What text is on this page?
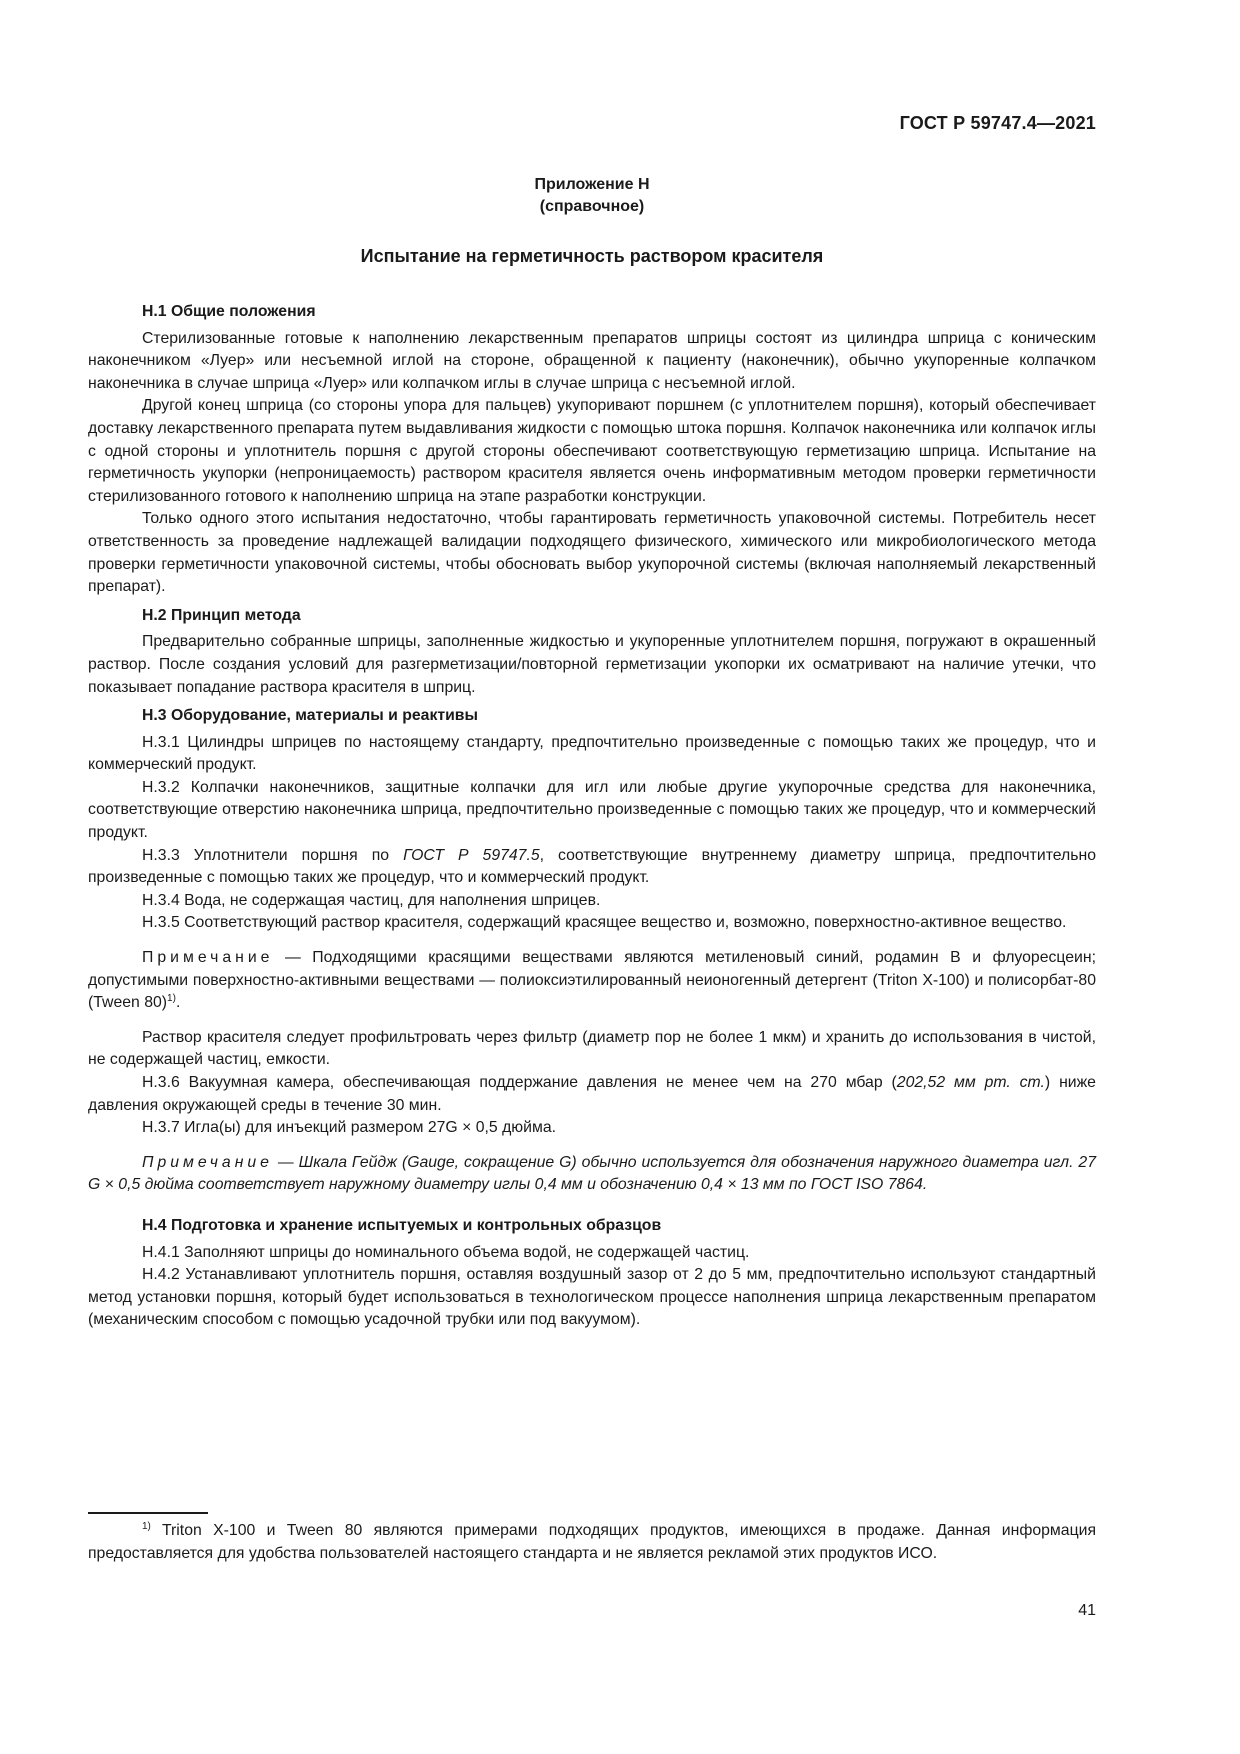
ГОСТ Р 59747.4—2021
Приложение Н
(справочное)
Испытание на герметичность раствором красителя
Н.1 Общие положения

Стерилизованные готовые к наполнению лекарственным препаратов шприцы состоят из цилиндра шприца с коническим наконечником «Луер» или несъемной иглой на стороне, обращенной к пациенту (наконечник), обычно укупоренные колпачком наконечника в случае шприца «Луер» или колпачком иглы в случае шприца с несъемной иглой.

Другой конец шприца (со стороны упора для пальцев) укупоривают поршнем (с уплотнителем поршня), который обеспечивает доставку лекарственного препарата путем выдавливания жидкости с помощью штока поршня. Колпачок наконечника или колпачок иглы с одной стороны и уплотнитель поршня с другой стороны обеспечивают соответствующую герметизацию шприца. Испытание на герметичность укупорки (непроницаемость) раствором красителя является очень информативным методом проверки герметичности стерилизованного готового к наполнению шприца на этапе разработки конструкции.

Только одного этого испытания недостаточно, чтобы гарантировать герметичность упаковочной системы. Потребитель несет ответственность за проведение надлежащей валидации подходящего физического, химического или микробиологического метода проверки герметичности упаковочной системы, чтобы обосновать выбор укупорочной системы (включая наполняемый лекарственный препарат).

Н.2 Принцип метода

Предварительно собранные шприцы, заполненные жидкостью и укупоренные уплотнителем поршня, погружают в окрашенный раствор. После создания условий для разгерметизации/повторной герметизации укопорки их осматривают на наличие утечки, что показывает попадание раствора красителя в шприц.

Н.3 Оборудование, материалы и реактивы

Н.3.1 Цилиндры шприцев по настоящему стандарту, предпочтительно произведенные с помощью таких же процедур, что и коммерческий продукт.

Н.3.2 Колпачки наконечников, защитные колпачки для игл или любые другие укупорочные средства для наконечника, соответствующие отверстию наконечника шприца, предпочтительно произведенные с помощью таких же процедур, что и коммерческий продукт.

Н.3.3 Уплотнители поршня по ГОСТ Р 59747.5, соответствующие внутреннему диаметру шприца, предпочтительно произведенные с помощью таких же процедур, что и коммерческий продукт.

Н.3.4 Вода, не содержащая частиц, для наполнения шприцев.

Н.3.5 Соответствующий раствор красителя, содержащий красящее вещество и, возможно, поверхностно-активное вещество.

Примечание — Подходящими красящими веществами являются метиленовый синий, родамин В и флуоресцеин; допустимыми поверхностно-активными веществами — полиоксиэтилированный неионогенный детергент (Triton X-100) и полисорбат-80 (Tween 80)$^{1)}$.

Раствор красителя следует профильтровать через фильтр (диаметр пор не более 1 мкм) и хранить до использования в чистой, не содержащей частиц, емкости.

Н.3.6 Вакуумная камера, обеспечивающая поддержание давления не менее чем на 270 мбар (202,52 мм рт. ст.) ниже давления окружающей среды в течение 30 мин.

Н.3.7 Игла(ы) для инъекций размером 27G × 0,5 дюйма.

Примечание — Шкала Гейдж (Gauge, сокращение G) обычно используется для обозначения наружного диаметра игл. 27 G × 0,5 дюйма соответствует наружному диаметру иглы 0,4 мм и обозначению 0,4 × 13 мм по ГОСТ ISO 7864.

Н.4 Подготовка и хранение испытуемых и контрольных образцов

Н.4.1 Заполняют шприцы до номинального объема водой, не содержащей частиц.

Н.4.2 Устанавливают уплотнитель поршня, оставляя воздушный зазор от 2 до 5 мм, предпочтительно используют стандартный метод установки поршня, который будет использоваться в технологическом процессе наполнения шприца лекарственным препаратом (механическим способом с помощью усадочной трубки или под вакуумом).

$^{1)}$ Triton X-100 и Tween 80 являются примерами подходящих продуктов, имеющихся в продаже. Данная информация предоставляется для удобства пользователей настоящего стандарта и не является рекламой этих продуктов ИСО.

41
